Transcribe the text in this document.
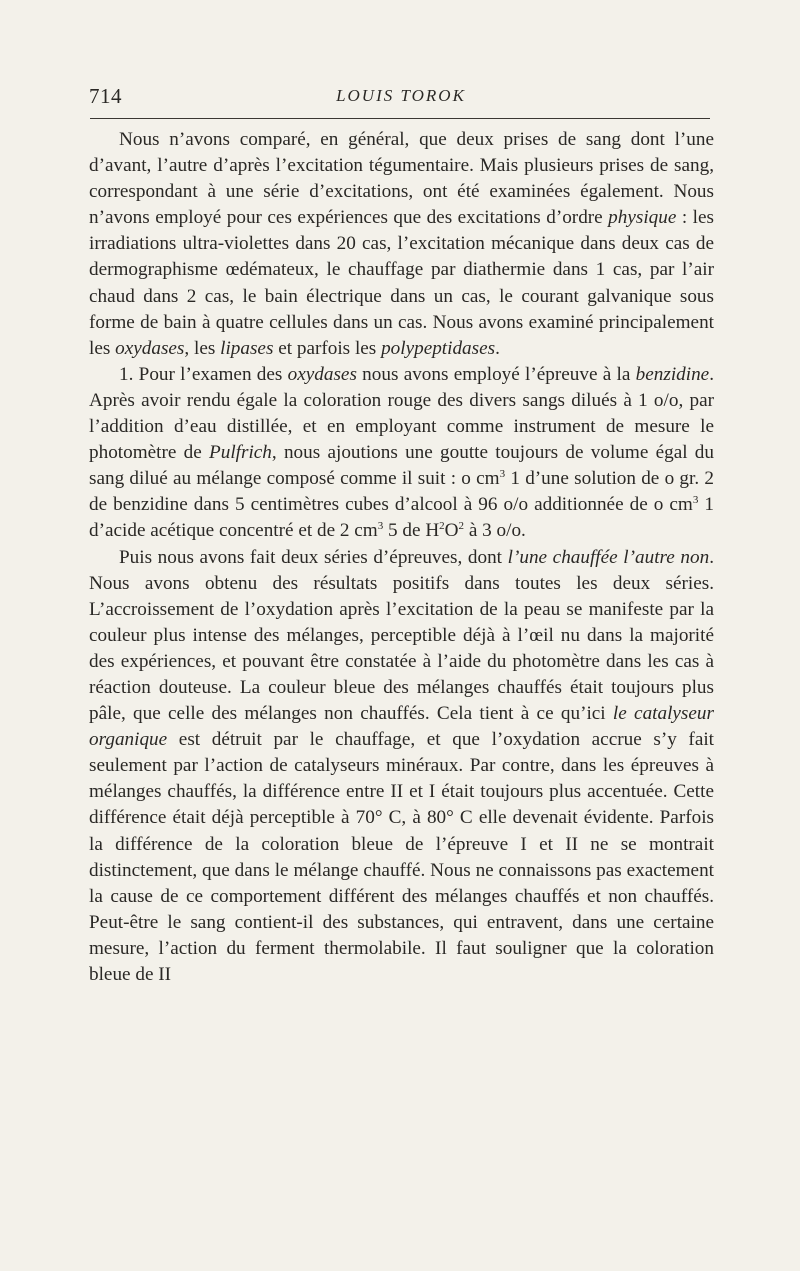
714	LOUIS TOROK

Nous n’avons comparé, en général, que deux prises de sang dont l’une d’avant, l’autre d’après l’excitation tégumentaire. Mais plusieurs prises de sang, correspondant à une série d’excitations, ont été examinées également. Nous n’avons employé pour ces expériences que des excitations d’ordre physique : les irradiations ultra-violettes dans 20 cas, l’excitation mécanique dans deux cas de dermographisme œdémateux, le chauffage par diathermie dans 1 cas, par l’air chaud dans 2 cas, le bain électrique dans un cas, le courant galvanique sous forme de bain à quatre cellules dans un cas. Nous avons examiné principalement les oxydases, les lipases et parfois les polypeptidases.

1. Pour l’examen des oxydases nous avons employé l’épreuve à la benzidine. Après avoir rendu égale la coloration rouge des divers sangs dilués à 1 o/o, par l’addition d’eau distillée, et en employant comme instrument de mesure le photomètre de Pulfrich, nous ajoutions une goutte toujours de volume égal du sang dilué au mélange composé comme il suit : o $cm^3$ 1 d’une solution de o gr. 2 de benzidine dans 5 centimètres cubes d’alcool à 96 o/o additionnée de o $cm^3$ 1 d’acide acétique concentré et de 2 $cm^3$ 5 de $H^2O^2$ à 3 o/o.

Puis nous avons fait deux séries d’épreuves, dont l’une chauffée l’autre non. Nous avons obtenu des résultats positifs dans toutes les deux séries. L’accroissement de l’oxydation après l’excitation de la peau se manifeste par la couleur plus intense des mélanges, perceptible déjà à l’œil nu dans la majorité des expériences, et pouvant être constatée à l’aide du photomètre dans les cas à réaction douteuse. La couleur bleue des mélanges chauffés était toujours plus pâle, que celle des mélanges non chauffés. Cela tient à ce qu’ici le catalyseur organique est détruit par le chauffage, et que l’oxydation accrue s’y fait seulement par l’action de catalyseurs minéraux. Par contre, dans les épreuves à mélanges chauffés, la différence entre II et I était toujours plus accentuée. Cette différence était déjà perceptible à 70° C, à 80° C elle devenait évidente. Parfois la différence de la coloration bleue de l’épreuve I et II ne se montrait distinctement, que dans le mélange chauffé. Nous ne connaissons pas exactement la cause de ce comportement différent des mélanges chauffés et non chauffés. Peut-être le sang contient-il des substances, qui entravent, dans une certaine mesure, l’action du ferment thermolabile. Il faut souligner que la coloration bleue de II
